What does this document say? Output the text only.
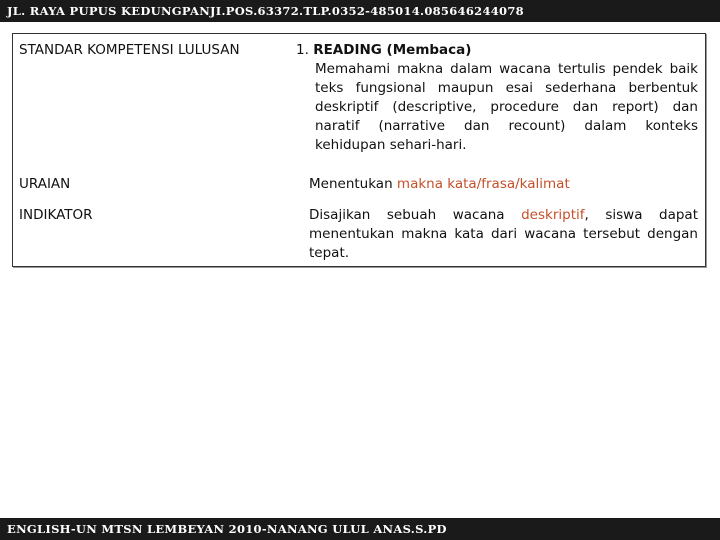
JL. RAYA PUPUS KEDUNGPANJI.POS.63372.TLP.0352-485014.085646244078
STANDAR KOMPETENSI LULUSAN	1. READING (Membaca)
Memahami makna dalam wacana tertulis pendek baik teks fungsional maupun esai sederhana berbentuk deskriptif (descriptive, procedure dan report) dan naratif (narrative dan recount) dalam konteks kehidupan sehari-hari.
URAIAN	Menentukan makna kata/frasa/kalimat
INDIKATOR	Disajikan sebuah wacana deskriptif, siswa dapat menentukan makna kata dari wacana tersebut dengan tepat.
ENGLISH-UN MTSN LEMBEYAN 2010-NANANG ULUL ANAS.S.PD
